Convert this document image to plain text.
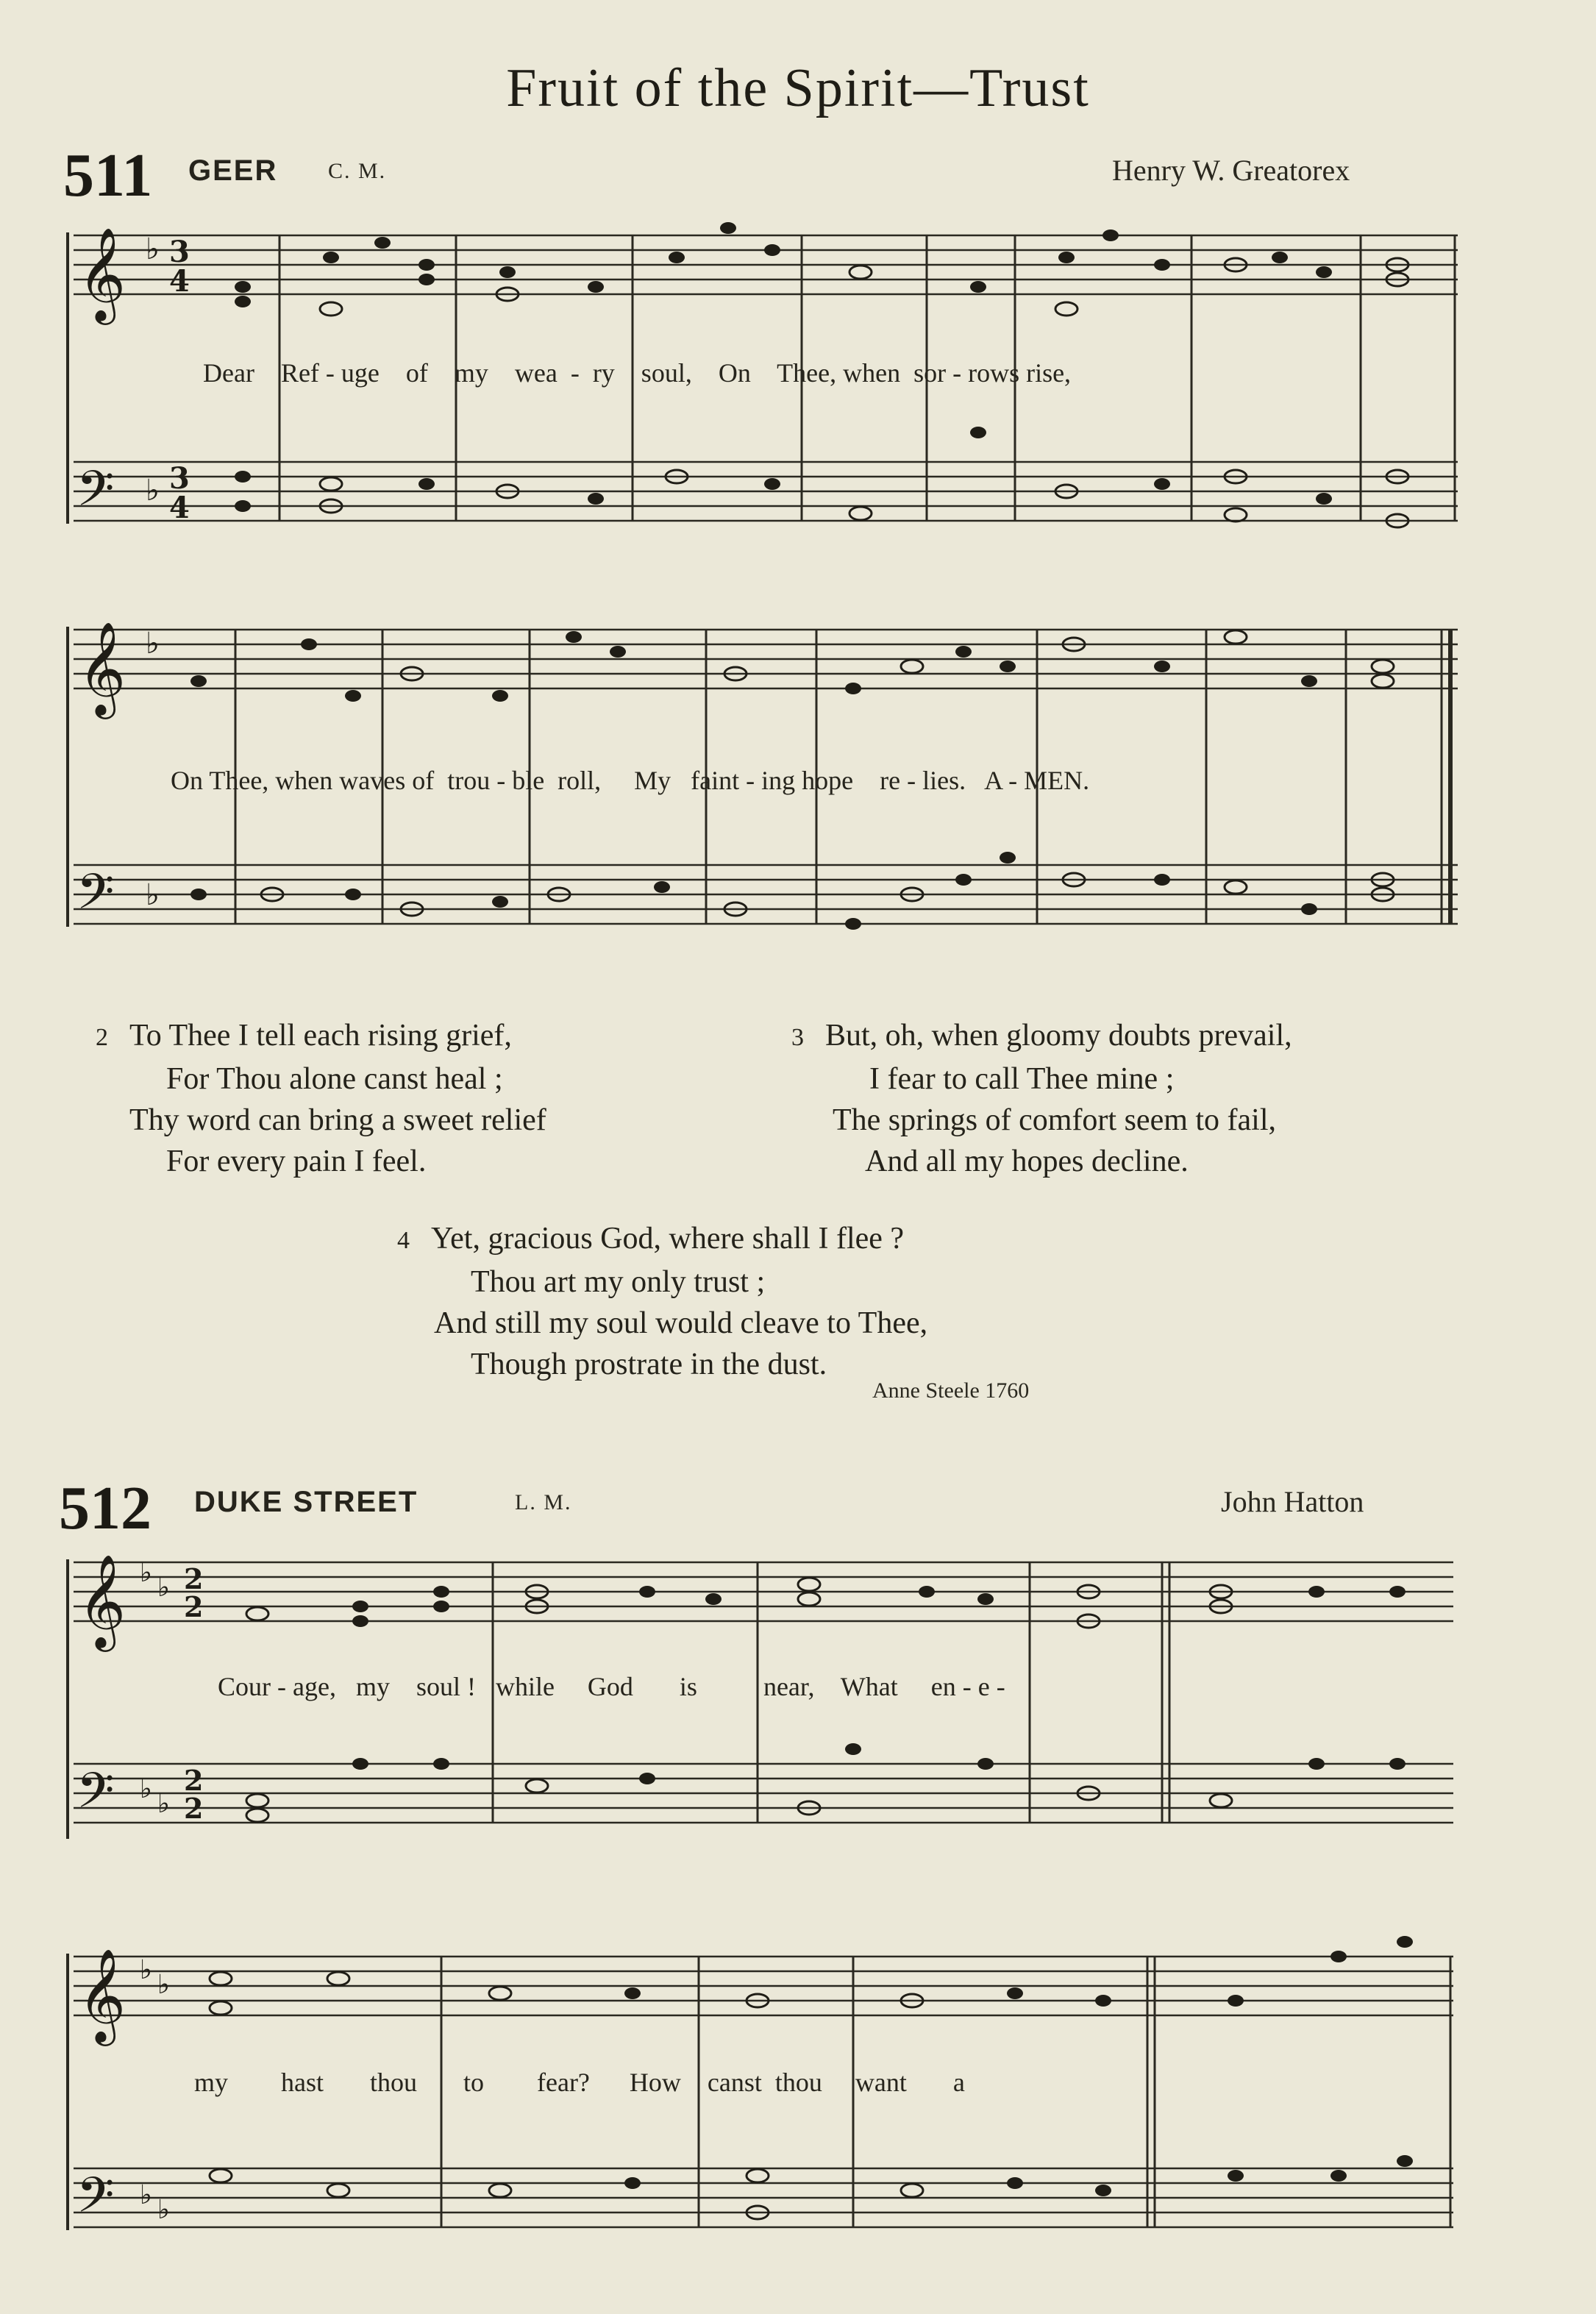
Fruit of the Spirit—Trust
511 GEER C. M.	Henry W. Greatorex
𝄞
𝄢
𝄞
𝄢
3
4
3
4
♭
♭
♭
♭
Dear    Ref - uge    of    my    wea  -  ry    soul,    On    Thee, when  sor - rows rise,
On Thee, when waves of  trou - ble  roll,     My   faint - ing hope    re - lies.   A - MEN.
2 To Thee I tell each rising grief,
For Thou alone canst heal ;
Thy word can bring a sweet relief
For every pain I feel.
3 But, oh, when gloomy doubts prevail,
I fear to call Thee mine ;
The springs of comfort seem to fail,
And all my hopes decline.
4 Yet, gracious God, where shall I flee ?
Thou art my only trust ;
And still my soul would cleave to Thee,
Though prostrate in the dust.
Anne Steele 1760
512 DUKE STREET	L. M.	John Hatton
𝄞
𝄢
𝄞
𝄢
♭ ♭
♭ ♭
♭ ♭
♭ ♭
2
2
2
2
Cour - age,   my    soul !   while     God       is          near,    What     en - e -
my        hast       thou       to        fear?      How    canst  thou     want       a
